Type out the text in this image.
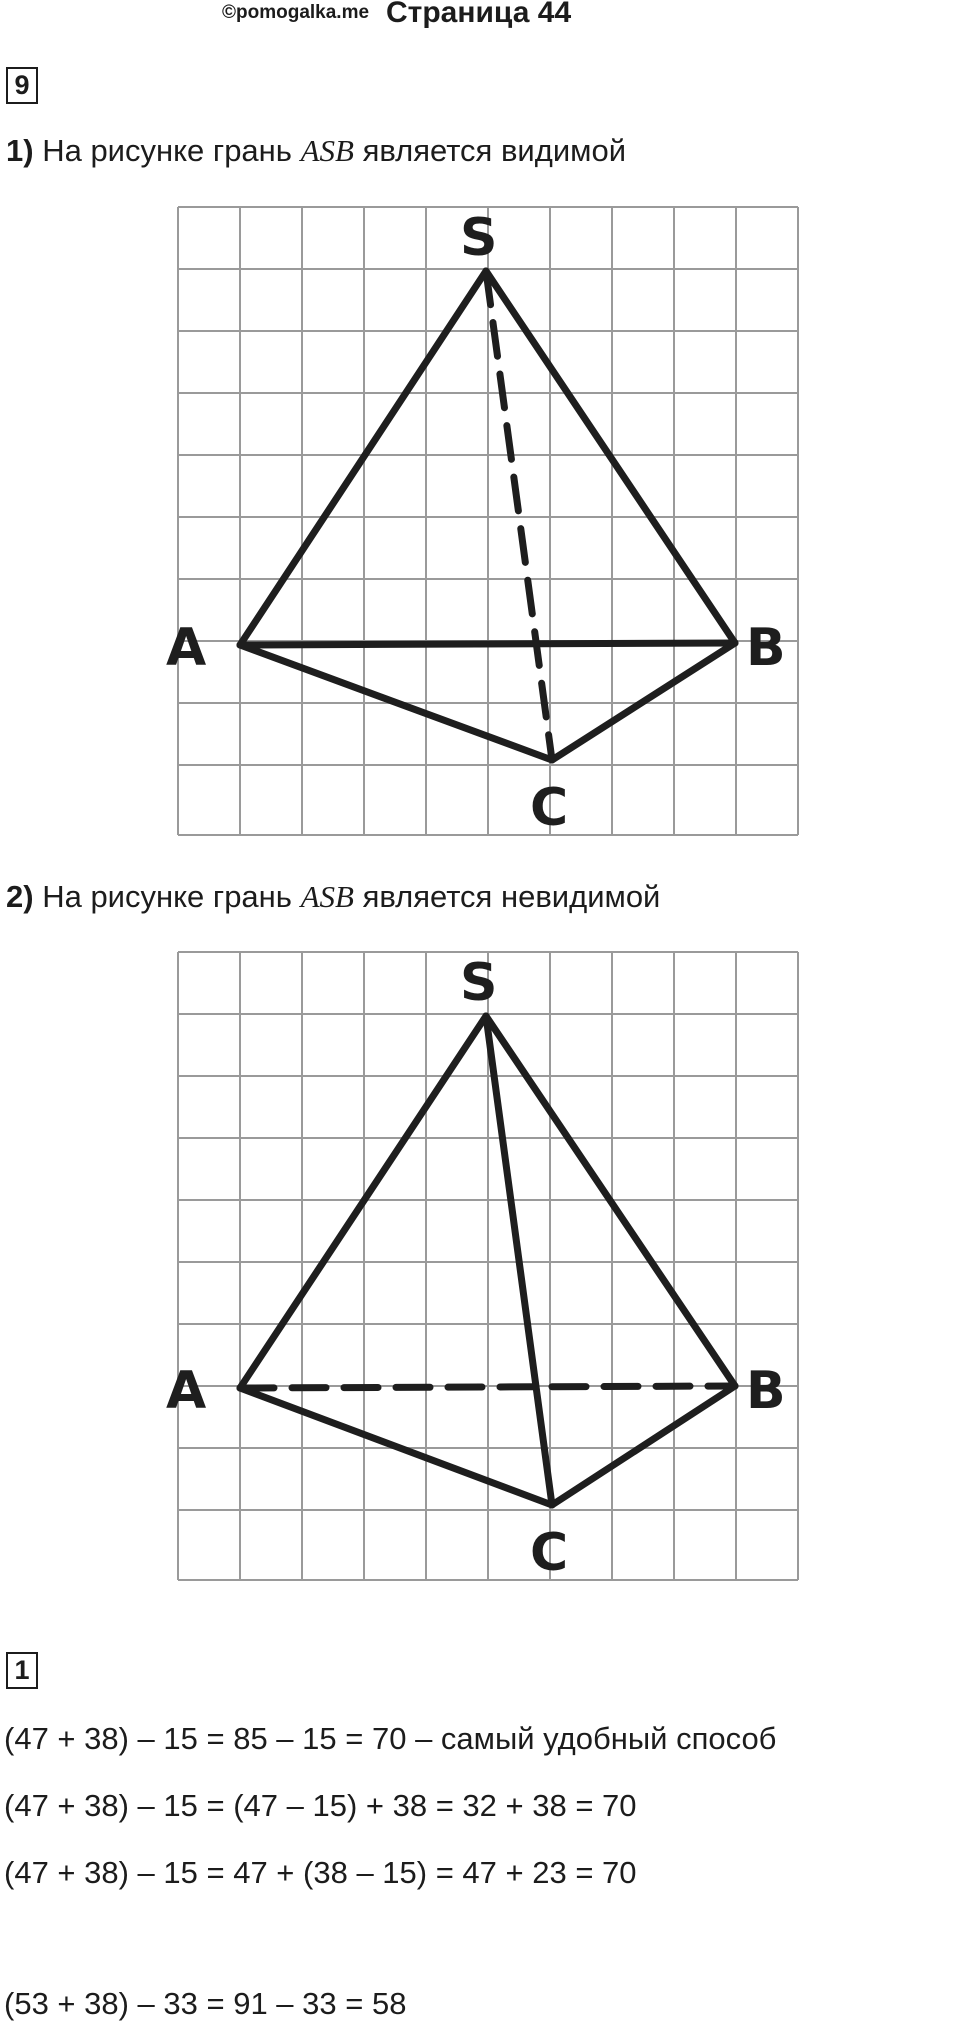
©pomogalka.me Страница 44
9
1) На рисунке грань ASB является видимой
S
A	B
C
2) На рисунке грань ASB является невидимой
S
A	B
C
1
(47 + 38) – 15 = 85 – 15 = 70 – самый удобный способ
(47 + 38) – 15 = (47 – 15) + 38 = 32 + 38 = 70
(47 + 38) – 15 = 47 + (38 – 15) = 47 + 23 = 70
(53 + 38) – 33 = 91 – 33 = 58
